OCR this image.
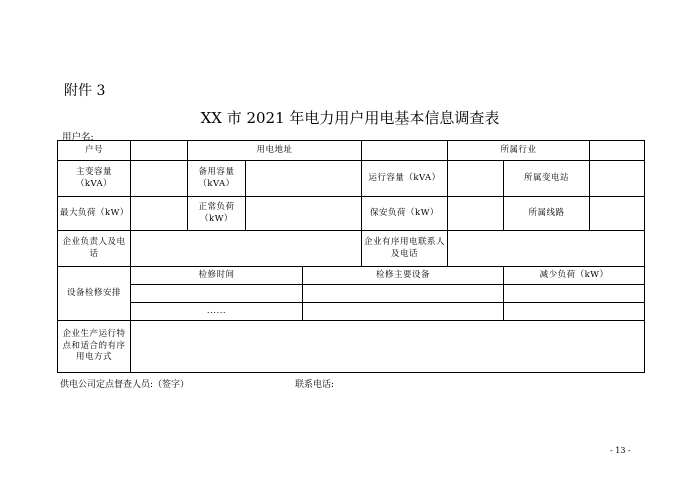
附件 3
XX 市 2021 年电力用户用电基本信息调查表
用户名:
户号		用电地址				所属行业		
主变容量（kVA）		备用容量（kVA）			运行容量（kVA）		所属变电站	
最大负荷（kW）		正常负荷（kW）			保安负荷（kW）		所属线路	
企业负责人及电话					企业有序用电联系人及电话			
设备检修安排	检修时间			检修主要设备			减少负荷（kW）	

	......							
企业生产运行特点和适合的有序用电方式								
供电公司定点督查人员:（签字）	联系电话:
- 13 -
